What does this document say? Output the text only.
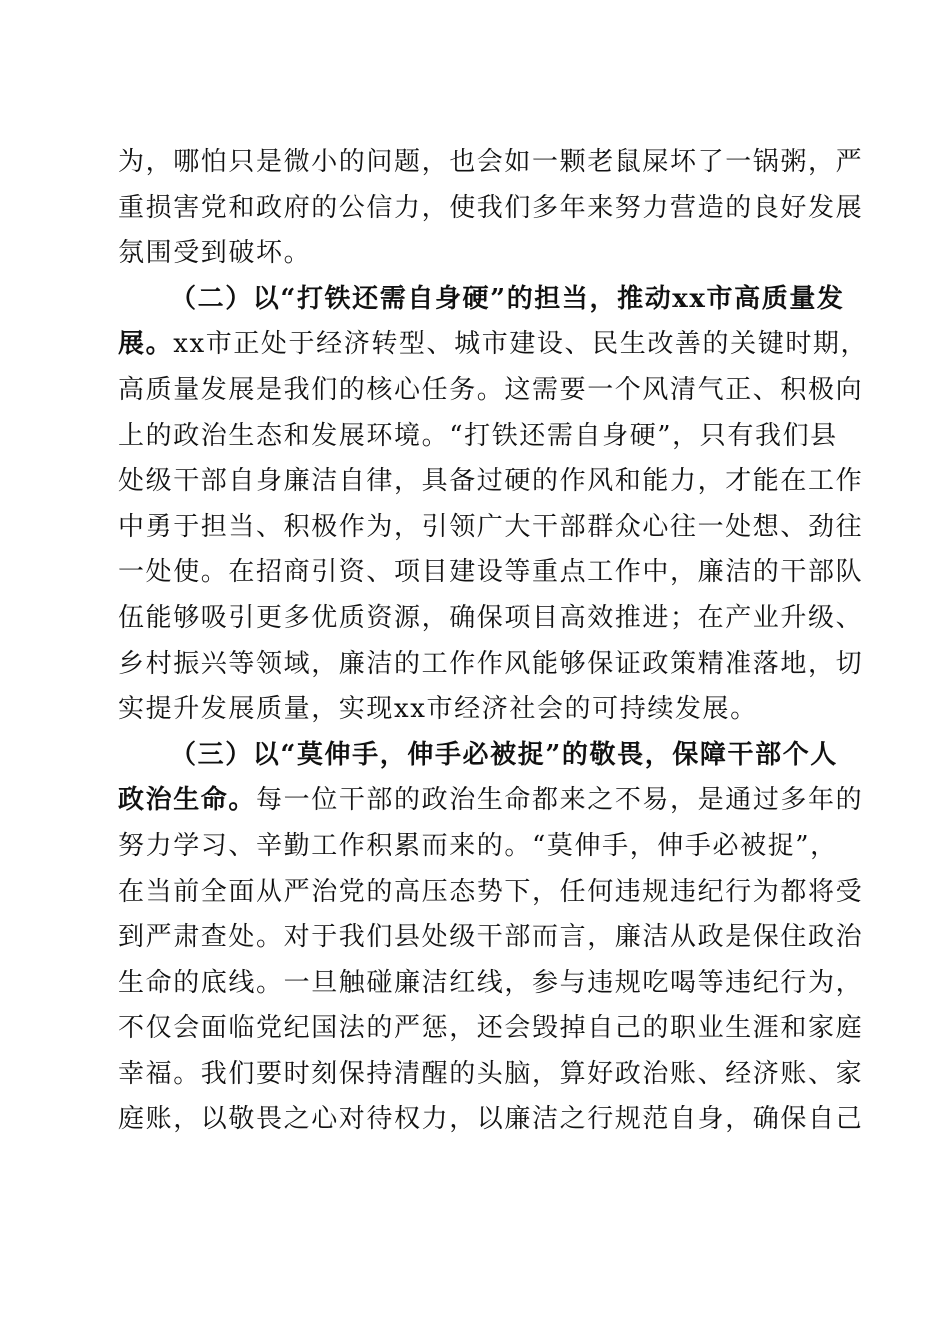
为，哪怕只是微小的问题，也会如一颗老鼠屎坏了一锅粥，严
重损害党和政府的公信力，使我们多年来努力营造的良好发展
氛围受到破坏。
（二）以“打铁还需自身硬”的担当，推动xx市高质量发
展。xx市正处于经济转型、城市建设、民生改善的关键时期，
高质量发展是我们的核心任务。这需要一个风清气正、积极向
上的政治生态和发展环境。“打铁还需自身硬”，只有我们县
处级干部自身廉洁自律，具备过硬的作风和能力，才能在工作
中勇于担当、积极作为，引领广大干部群众心往一处想、劲往
一处使。在招商引资、项目建设等重点工作中，廉洁的干部队
伍能够吸引更多优质资源，确保项目高效推进；在产业升级、
乡村振兴等领域，廉洁的工作作风能够保证政策精准落地，切
实提升发展质量，实现xx市经济社会的可持续发展。
（三）以“莫伸手，伸手必被捉”的敬畏，保障干部个人
政治生命。每一位干部的政治生命都来之不易，是通过多年的
努力学习、辛勤工作积累而来的。“莫伸手，伸手必被捉”，
在当前全面从严治党的高压态势下，任何违规违纪行为都将受
到严肃查处。对于我们县处级干部而言，廉洁从政是保住政治
生命的底线。一旦触碰廉洁红线，参与违规吃喝等违纪行为，
不仅会面临党纪国法的严惩，还会毁掉自己的职业生涯和家庭
幸福。我们要时刻保持清醒的头脑，算好政治账、经济账、家
庭账，以敬畏之心对待权力，以廉洁之行规范自身，确保自己
